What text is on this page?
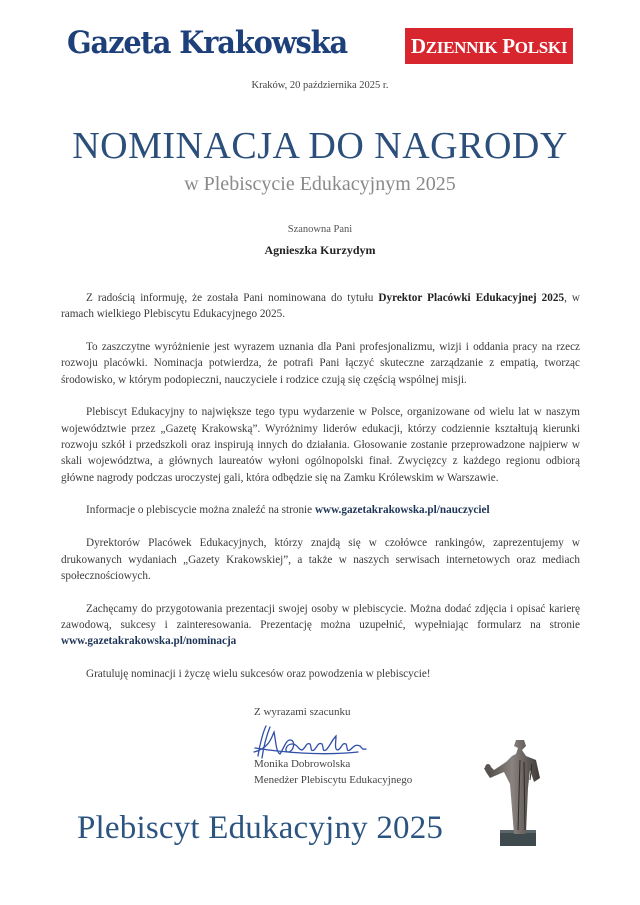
Gazeta Krakowska	DZIENNIK POLSKI
Kraków, 20 października 2025 r.
NOMINACJA DO NAGRODY
w Plebiscycie Edukacyjnym 2025
Szanowna Pani
Agnieszka Kurzydym

Z radością informuję, że została Pani nominowana do tytułu Dyrektor Placówki Edukacyjnej 2025, w ramach wielkiego Plebiscytu Edukacyjnego 2025.

To zaszczytne wyróżnienie jest wyrazem uznania dla Pani profesjonalizmu, wizji i oddania pracy na rzecz rozwoju placówki. Nominacja potwierdza, że potrafi Pani łączyć skuteczne zarządzanie z empatią, tworząc środowisko, w którym podopieczni, nauczyciele i rodzice czują się częścią wspólnej misji.

Plebiscyt Edukacyjny to największe tego typu wydarzenie w Polsce, organizowane od wielu lat w naszym województwie przez „Gazetę Krakowską”. Wyróżnimy liderów edukacji, którzy codziennie kształtują kierunki rozwoju szkół i przedszkoli oraz inspirują innych do działania. Głosowanie zostanie przeprowadzone najpierw w skali województwa, a głównych laureatów wyłoni ogólnopolski finał. Zwycięzcy z każdego regionu odbiorą główne nagrody podczas uroczystej gali, która odbędzie się na Zamku Królewskim w Warszawie.

Informacje o plebiscycie można znaleźć na stronie www.gazetakrakowska.pl/nauczyciel

Dyrektorów Placówek Edukacyjnych, którzy znajdą się w czołówce rankingów, zaprezentujemy w drukowanych wydaniach „Gazety Krakowskiej”, a także w naszych serwisach internetowych oraz mediach społecznościowych.

Zachęcamy do przygotowania prezentacji swojej osoby w plebiscycie. Można dodać zdjęcia i opisać karierę zawodową, sukcesy i zainteresowania. Prezentację można uzupełnić, wypełniając formularz na stronie www.gazetakrakowska.pl/nominacja

Gratuluję nominacji i życzę wielu sukcesów oraz powodzenia w plebiscycie!

Z wyrazami szacunku
Monika Dobrowolska
Menedżer Plebiscytu Edukacyjnego
Plebiscyt Edukacyjny 2025
